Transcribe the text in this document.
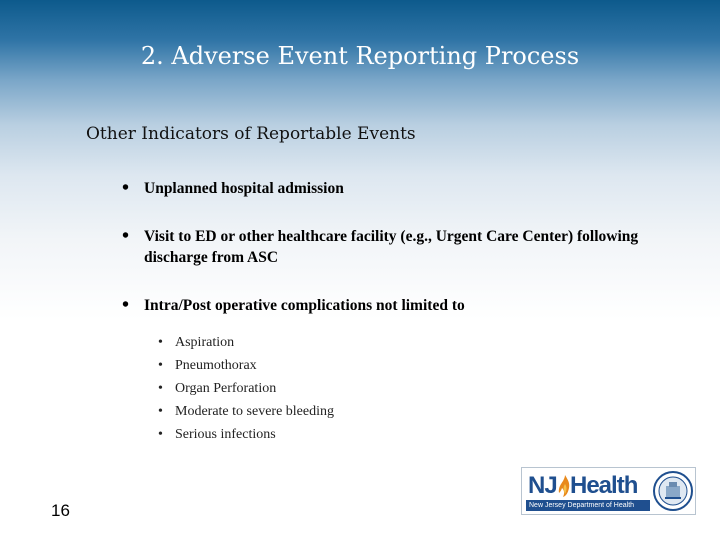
2. Adverse Event Reporting Process
Other Indicators of Reportable Events
• Unplanned hospital admission
• Visit to ED or other healthcare facility (e.g., Urgent Care Center) following discharge from ASC
• Intra/Post operative complications not limited to
• Aspiration
• Pneumothorax
• Organ Perforation
• Moderate to severe bleeding
• Serious infections
16
NJ Health
New Jersey Department of Health
